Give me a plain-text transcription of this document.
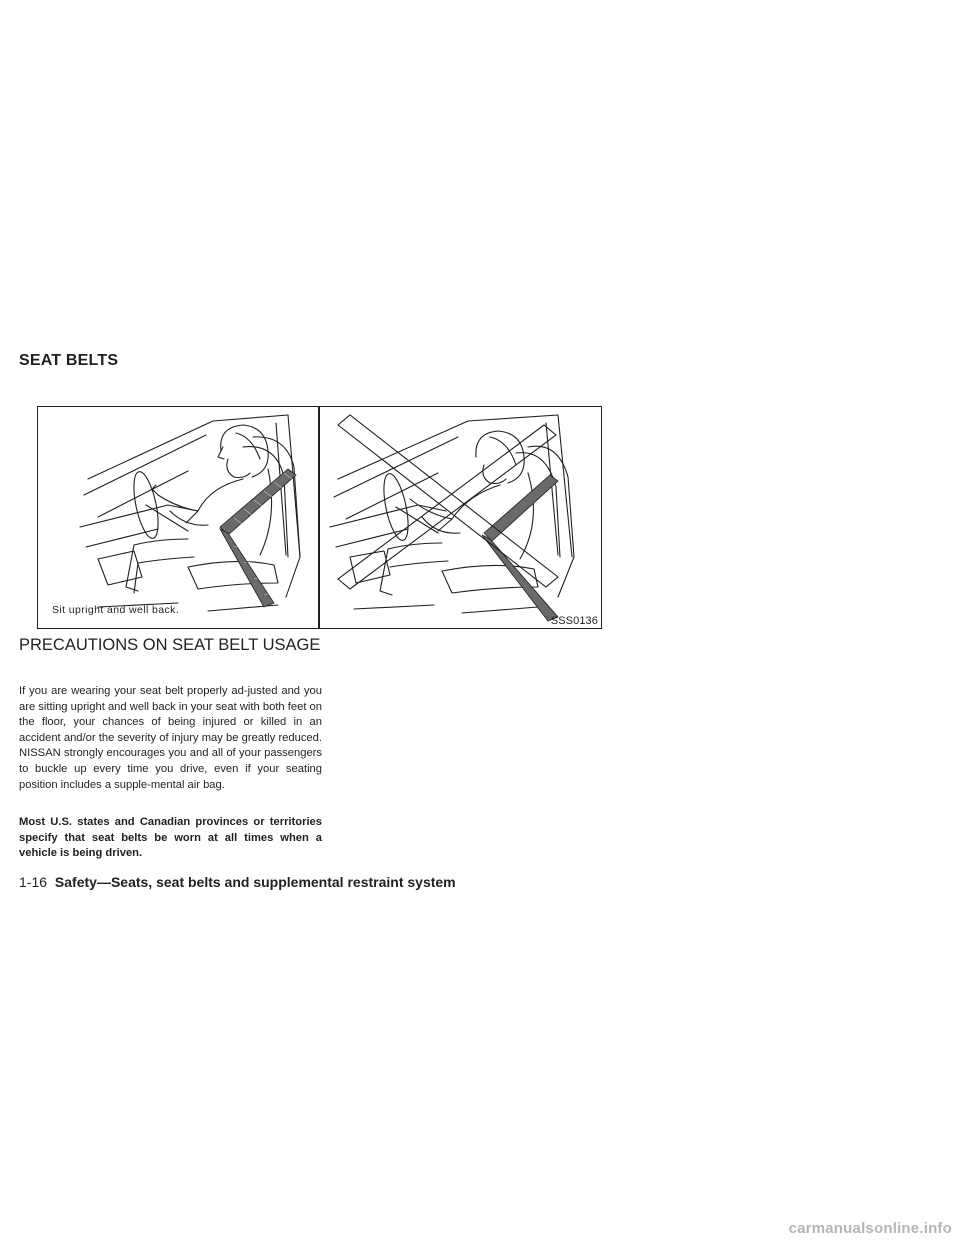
SEAT BELTS
Sit upright and well back.
SSS0136
PRECAUTIONS ON SEAT BELT USAGE

If you are wearing your seat belt properly ad-justed and you are sitting upright and well back in your seat with both feet on the floor, your chances of being injured or killed in an accident and/or the severity of injury may be greatly reduced. NISSAN strongly encourages you and all of your passengers to buckle up every time you drive, even if your seating position includes a supple-mental air bag.

Most U.S. states and Canadian provinces or territories specify that seat belts be worn at all times when a vehicle is being driven.

1-16 Safety—Seats, seat belts and supplemental restraint system
carmanualsonline.info
